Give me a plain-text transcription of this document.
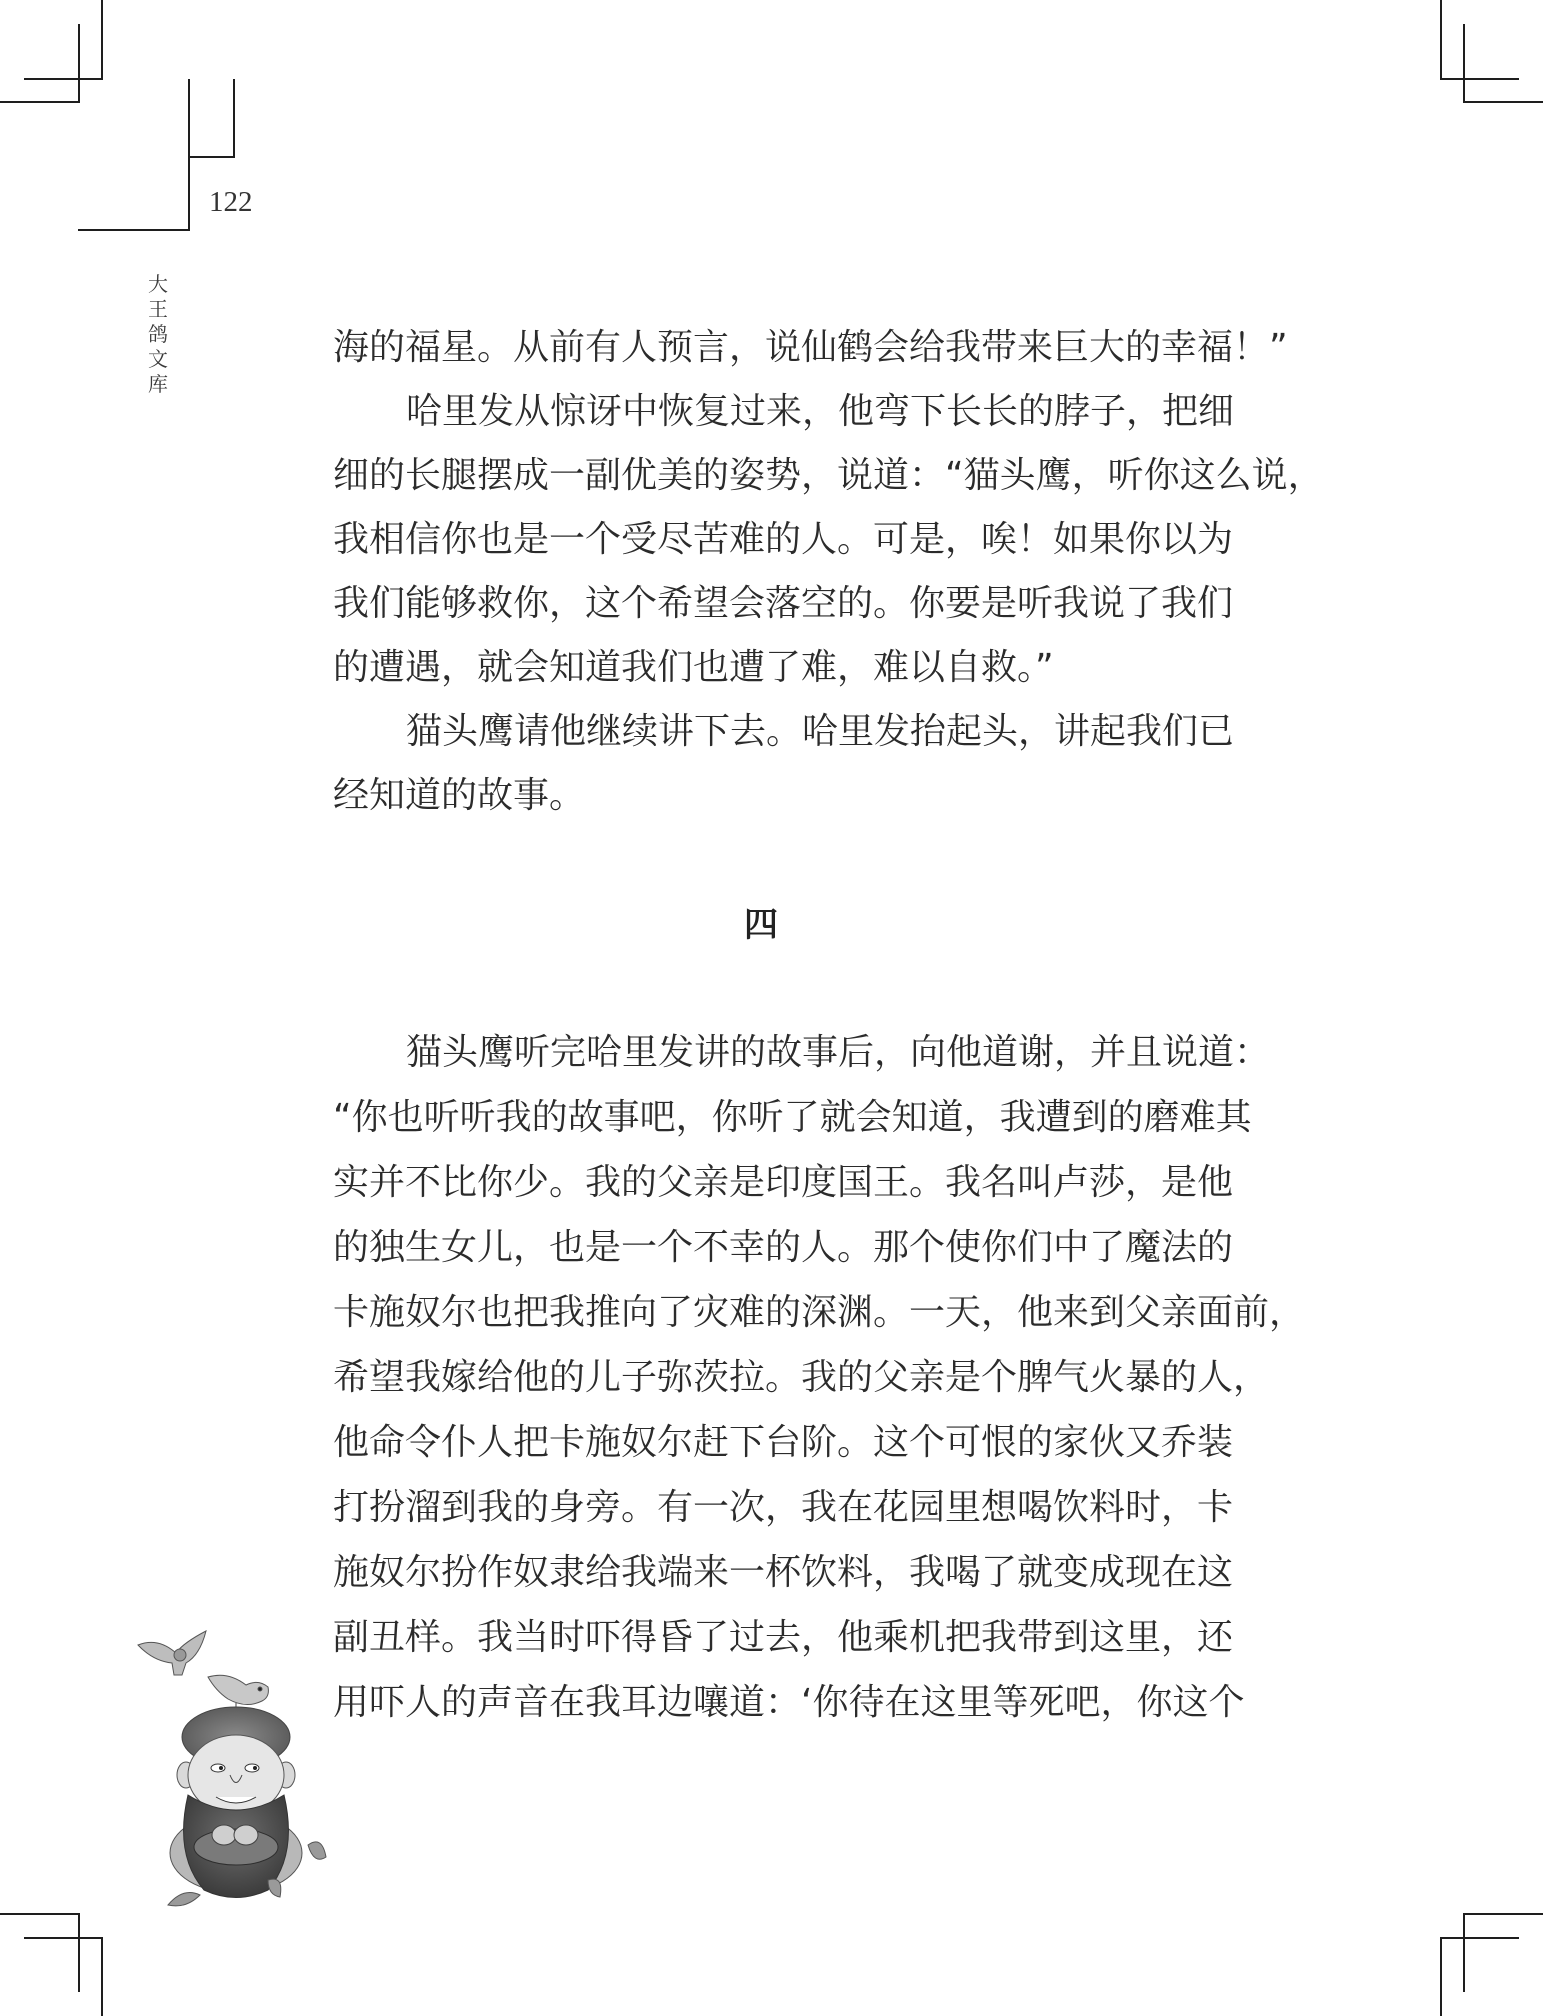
122
大
王
鸽
文
库
海的福星。从前有人预言，说仙鹤会给我带来巨大的幸福！”
哈里发从惊讶中恢复过来，他弯下长长的脖子，把细
细的长腿摆成一副优美的姿势，说道：“猫头鹰，听你这么说，
我相信你也是一个受尽苦难的人。可是，唉！如果你以为
我们能够救你，这个希望会落空的。你要是听我说了我们
的遭遇，就会知道我们也遭了难，难以自救。”
猫头鹰请他继续讲下去。哈里发抬起头，讲起我们已
经知道的故事。
四
猫头鹰听完哈里发讲的故事后，向他道谢，并且说道：
“你也听听我的故事吧，你听了就会知道，我遭到的磨难其
实并不比你少。我的父亲是印度国王。我名叫卢莎，是他
的独生女儿，也是一个不幸的人。那个使你们中了魔法的
卡施奴尔也把我推向了灾难的深渊。一天，他来到父亲面前，
希望我嫁给他的儿子弥茨拉。我的父亲是个脾气火暴的人，
他命令仆人把卡施奴尔赶下台阶。这个可恨的家伙又乔装
打扮溜到我的身旁。有一次，我在花园里想喝饮料时，卡
施奴尔扮作奴隶给我端来一杯饮料，我喝了就变成现在这
副丑样。我当时吓得昏了过去，他乘机把我带到这里，还
用吓人的声音在我耳边嚷道：‘你待在这里等死吧，你这个
